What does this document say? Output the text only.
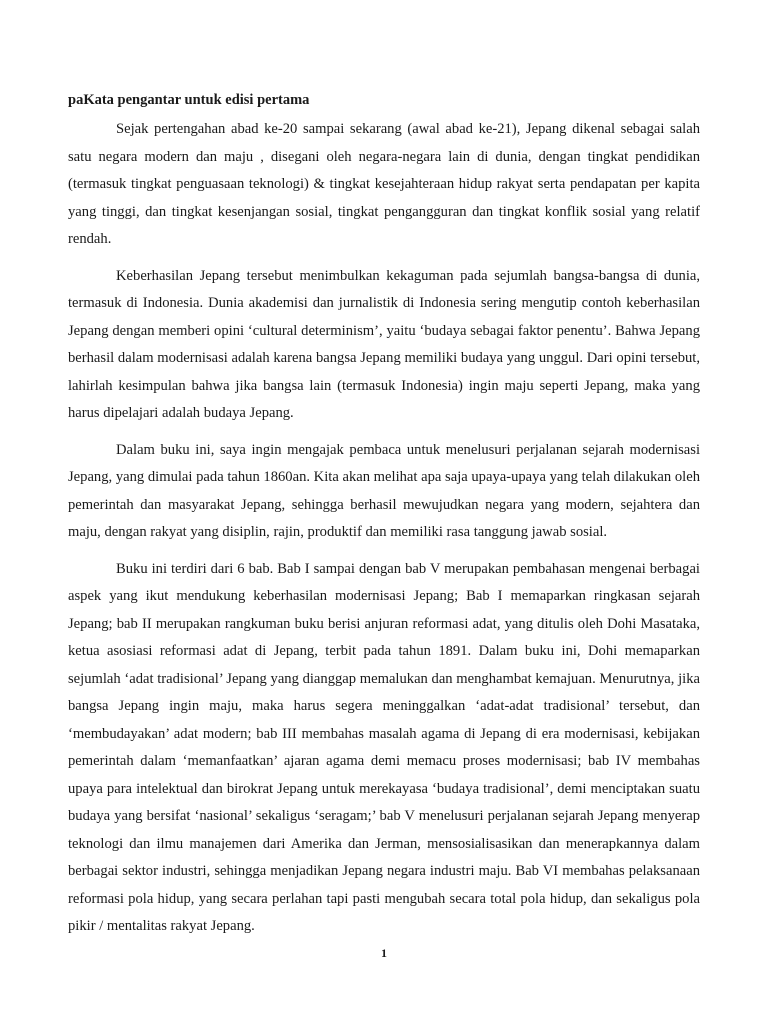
paKata pengantar untuk edisi pertama

Sejak pertengahan abad ke-20 sampai sekarang (awal abad ke-21), Jepang dikenal sebagai salah satu negara modern dan maju , disegani oleh negara-negara lain di dunia, dengan tingkat pendidikan (termasuk tingkat penguasaan teknologi) & tingkat kesejahteraan hidup rakyat serta pendapatan per kapita yang tinggi, dan tingkat kesenjangan sosial, tingkat pengangguran dan tingkat konflik sosial yang relatif rendah.

Keberhasilan Jepang tersebut menimbulkan kekaguman pada sejumlah bangsa-bangsa di dunia, termasuk di Indonesia. Dunia akademisi dan jurnalistik di Indonesia sering mengutip contoh keberhasilan Jepang dengan memberi opini ‘cultural determinism’, yaitu ‘budaya sebagai faktor penentu’. Bahwa Jepang berhasil dalam modernisasi adalah karena bangsa Jepang memiliki budaya yang unggul. Dari opini tersebut, lahirlah kesimpulan bahwa jika bangsa lain (termasuk Indonesia) ingin maju seperti Jepang, maka yang harus dipelajari adalah budaya Jepang.

Dalam buku ini, saya ingin mengajak pembaca untuk menelusuri perjalanan sejarah modernisasi Jepang, yang dimulai pada tahun 1860an. Kita akan melihat apa saja upaya-upaya yang telah dilakukan oleh pemerintah dan masyarakat Jepang, sehingga berhasil mewujudkan negara yang modern, sejahtera dan maju, dengan rakyat yang disiplin, rajin, produktif dan memiliki rasa tanggung jawab sosial.

Buku ini terdiri dari 6 bab. Bab I sampai dengan bab V merupakan pembahasan mengenai berbagai aspek yang ikut mendukung keberhasilan modernisasi Jepang; Bab I memaparkan ringkasan sejarah Jepang; bab II merupakan rangkuman buku berisi anjuran reformasi adat, yang ditulis oleh Dohi Masataka, ketua asosiasi reformasi adat di Jepang, terbit pada tahun 1891. Dalam buku ini, Dohi memaparkan sejumlah ‘adat tradisional’ Jepang yang dianggap memalukan dan menghambat kemajuan. Menurutnya, jika bangsa Jepang ingin maju, maka harus segera meninggalkan ‘adat-adat tradisional’ tersebut, dan ‘membudayakan’ adat modern; bab III membahas masalah agama di Jepang di era modernisasi, kebijakan pemerintah dalam ‘memanfaatkan’ ajaran agama demi memacu proses modernisasi; bab IV membahas upaya para intelektual dan birokrat Jepang untuk merekayasa ‘budaya tradisional’, demi menciptakan suatu budaya yang bersifat ‘nasional’ sekaligus ‘seragam;’ bab V menelusuri perjalanan sejarah Jepang menyerap teknologi dan ilmu manajemen dari Amerika dan Jerman, mensosialisasikan dan menerapkannya dalam berbagai sektor industri, sehingga menjadikan Jepang negara industri maju. Bab VI membahas pelaksanaan reformasi pola hidup, yang secara perlahan tapi pasti mengubah secara total pola hidup, dan sekaligus pola pikir / mentalitas rakyat Jepang.

1
